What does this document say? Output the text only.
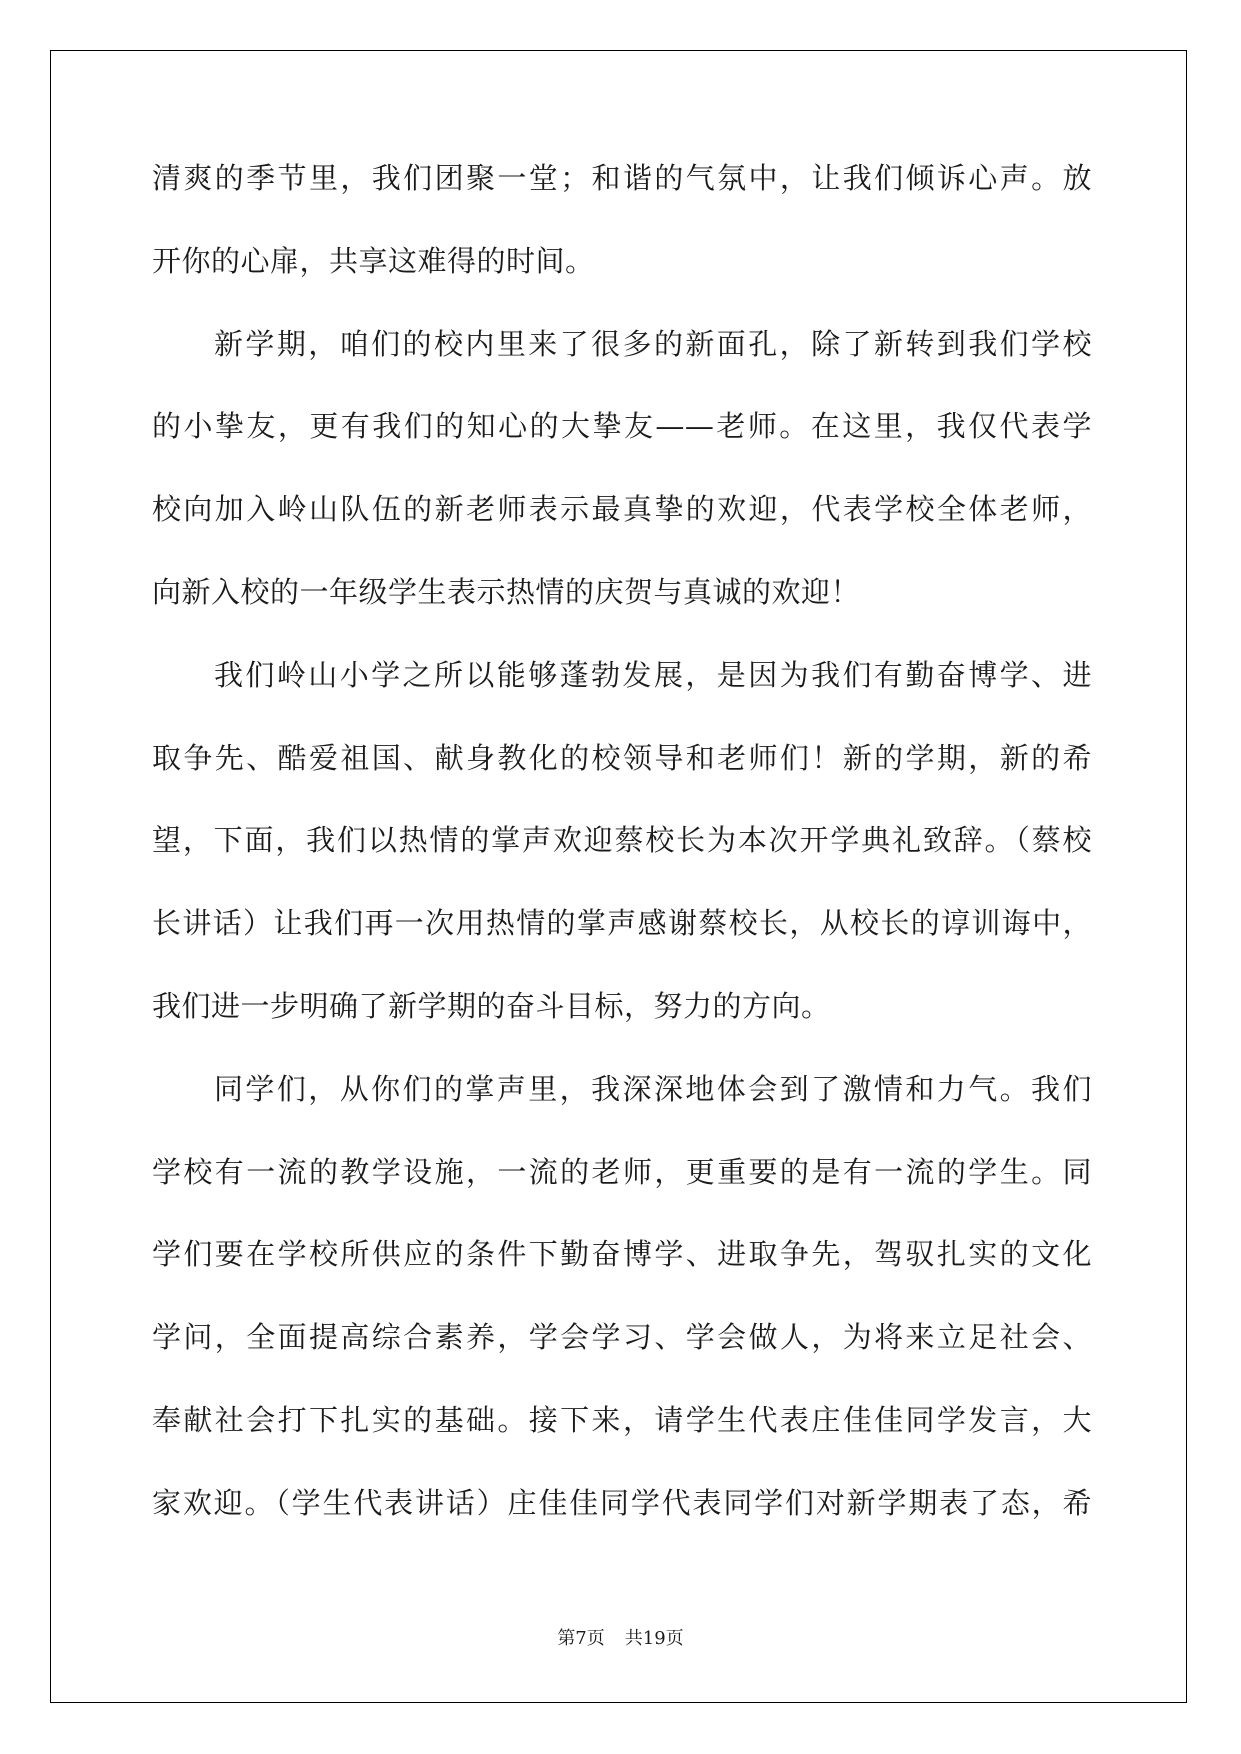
清爽的季节里，我们团聚一堂；和谐的气氛中，让我们倾诉心声。放
开你的心扉，共享这难得的时间。
新学期，咱们的校内里来了很多的新面孔，除了新转到我们学校
的小挚友，更有我们的知心的大挚友——老师。在这里，我仅代表学
校向加入岭山队伍的新老师表示最真挚的欢迎，代表学校全体老师，
向新入校的一年级学生表示热情的庆贺与真诚的欢迎！
我们岭山小学之所以能够蓬勃发展，是因为我们有勤奋博学、进
取争先、酷爱祖国、献身教化的校领导和老师们！新的学期，新的希
望，下面，我们以热情的掌声欢迎蔡校长为本次开学典礼致辞。（蔡校
长讲话）让我们再一次用热情的掌声感谢蔡校长，从校长的谆训诲中，
我们进一步明确了新学期的奋斗目标，努力的方向。
同学们，从你们的掌声里，我深深地体会到了激情和力气。我们
学校有一流的教学设施，一流的老师，更重要的是有一流的学生。同
学们要在学校所供应的条件下勤奋博学、进取争先，驾驭扎实的文化
学问，全面提高综合素养，学会学习、学会做人，为将来立足社会、
奉献社会打下扎实的基础。接下来，请学生代表庄佳佳同学发言，大
家欢迎。（学生代表讲话）庄佳佳同学代表同学们对新学期表了态，希
第7页 共19页
